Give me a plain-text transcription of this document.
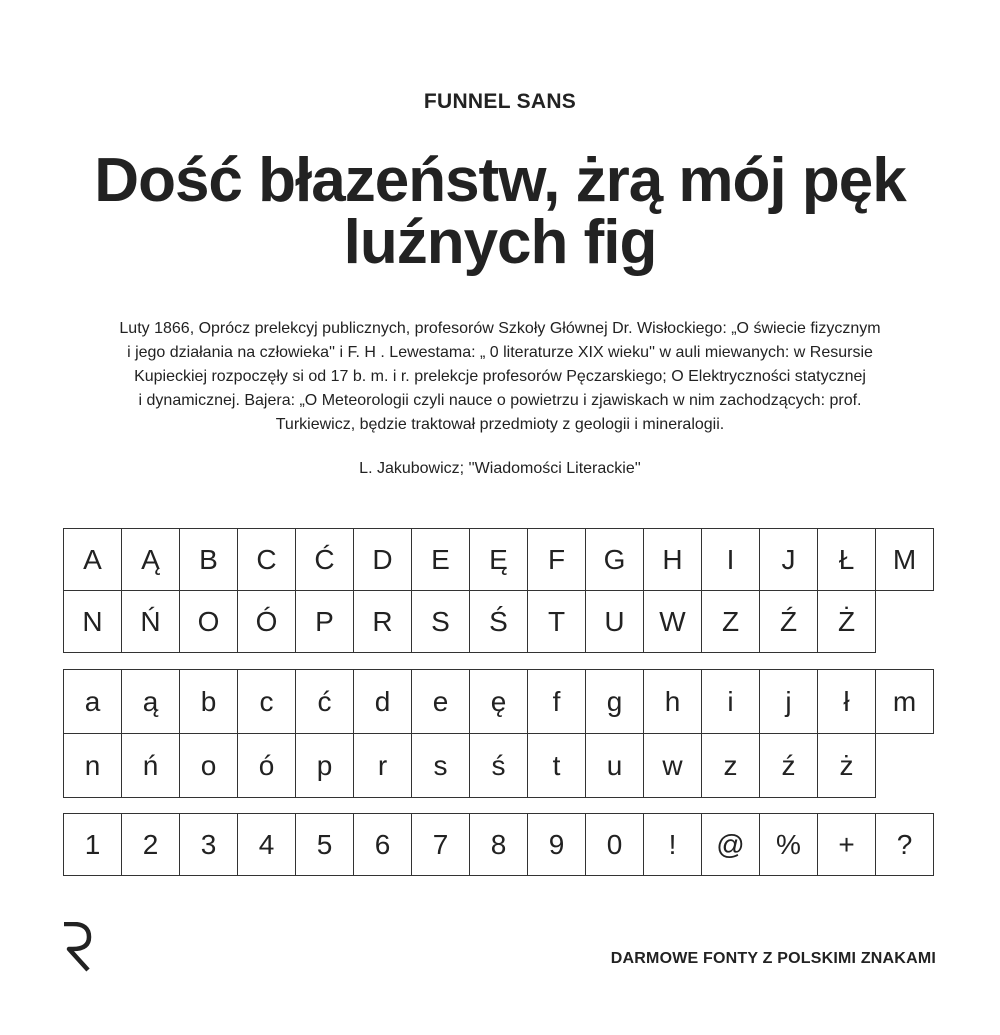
FUNNEL SANS
Dość błazeństw, żrą mój pęk
luźnych fig

Luty 1866, Oprócz prelekcyj publicznych, profesorów Szkoły Głównej Dr. Wisłockiego: „O świecie fizycznym
i jego działania na człowieka'' i F. H . Lewestama: „ 0 literaturze XIX wieku'' w auli miewanych: w Resursie
Kupieckiej rozpoczęły si od 17 b. m. i r. prelekcje profesorów Pęczarskiego; O Elektryczności statycznej
i dynamicznej. Bajera: „O Meteorologii czyli nauce o powietrzu i zjawiskach w nim zachodzących: prof.
Turkiewicz, będzie traktował przedmioty z geologii i mineralogii.

L. Jakubowicz; ''Wiadomości Literackie''
A	Ą	B	C	Ć	D	E	Ę	F	G	H	I	J	Ł	M
N	Ń	O	Ó	P	R	S	Ś	T	U	W	Z	Ź	Ż
a	ą	b	c	ć	d	e	ę	f	g	h	i	j	ł	m
n	ń	o	ó	p	r	s	ś	t	u	w	z	ź	ż
1	2	3	4	5	6	7	8	9	0	!	@	%	+	?
DARMOWE FONTY Z POLSKIMI ZNAKAMI
